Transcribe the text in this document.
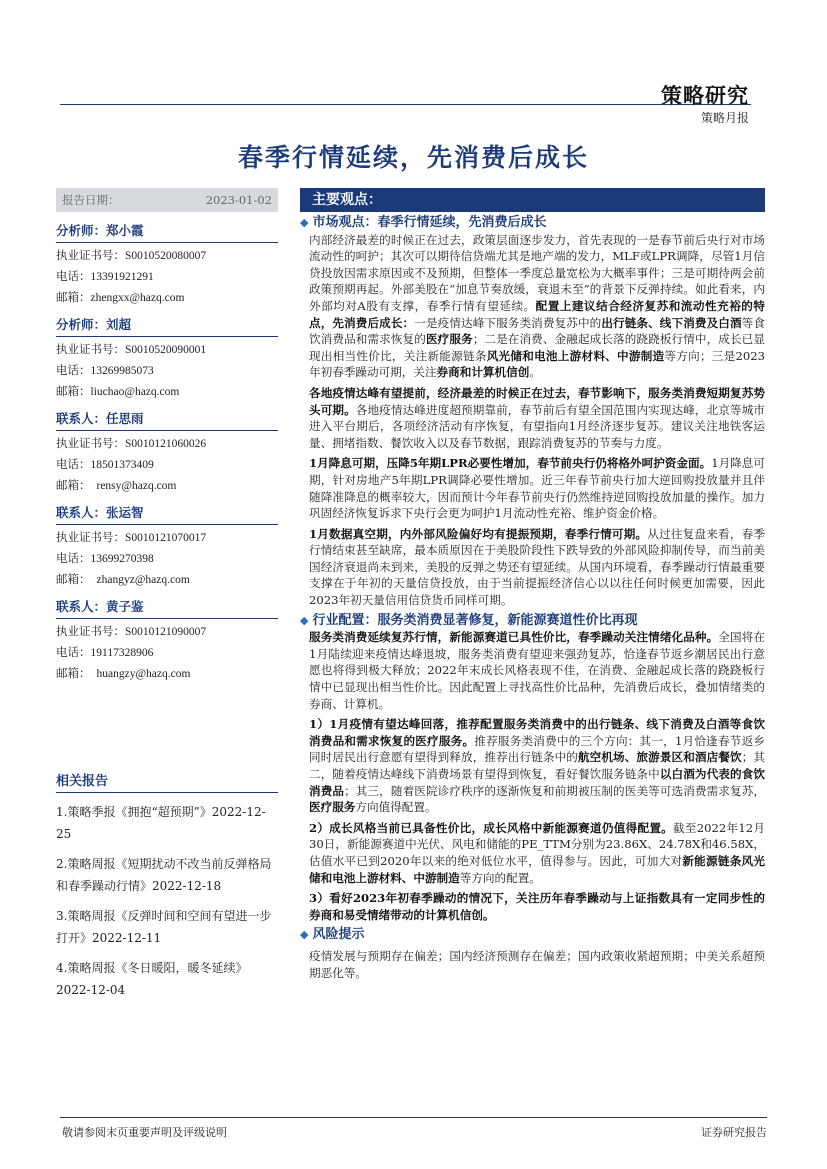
策略研究
策略月报
春季行情延续，先消费后成长
报告日期：	2023-01-02
分析师：郑小霞
执业证书号：S0010520080007
电话：13391921291
邮箱：zhengxx@hazq.com
分析师：刘超
执业证书号：S0010520090001
电话：13269985073
邮箱：liuchao@hazq.com
联系人：任思雨
执业证书号：S0010121060026
电话：18501373409
邮箱： rensy@hazq.com
联系人：张运智
执业证书号：S0010121070017
电话：13699270398
邮箱： zhangyz@hazq.com
联系人：黄子鉴
执业证书号：S0010121090007
电话：19117328906
邮箱： huangzy@hazq.com
相关报告
1.策略季报《拥抱“超预期”》2022-12-25
2.策略周报《短期扰动不改当前反弹格局和春季躁动行情》2022-12-18
3.策略周报《反弹时间和空间有望进一步打开》2022-12-11
4.策略周报《冬日暖阳，暖冬延续》2022-12-04
主要观点：
◆ 市场观点：春季行情延续，先消费后成长
内部经济最差的时候正在过去，政策层面逐步发力，首先表现的一是春节前后央行对市场流动性的呵护；其次可以期待信贷端尤其是地产端的发力，MLF或LPR调降，尽管1月信贷投放因需求原因或不及预期，但整体一季度总量宽松为大概率事件；三是可期待两会前政策预期再起。外部美股在“加息节奏放缓，衰退未至”的背景下反弹持续。如此看来，内外部均对A股有支撑，春季行情有望延续。配置上建议结合经济复苏和流动性充裕的特点，先消费后成长：一是疫情达峰下服务类消费复苏中的出行链条、线下消费及白酒等食饮消费品和需求恢复的医疗服务；二是在消费、金融起成长落的跷跷板行情中，成长已显现出相当性价比，关注新能源链条风光储和电池上游材料、中游制造等方向；三是2023年初春季躁动可期，关注券商和计算机信创。
各地疫情达峰有望提前，经济最差的时候正在过去，春节影响下，服务类消费短期复苏势头可期。各地疫情达峰进度超预期靠前，春节前后有望全国范围内实现达峰，北京等城市进入平台期后，各项经济活动有序恢复，有望指向1月经济逐步复苏。建议关注地铁客运量、拥堵指数、餐饮收入以及春节数据，跟踪消费复苏的节奏与力度。
1月降息可期，压降5年期LPR必要性增加，春节前央行仍将格外呵护资金面。1月降息可期，针对房地产5年期LPR调降必要性增加。近三年春节前央行加大逆回购投放量并且伴随降准降息的概率较大，因而预计今年春节前央行仍然维持逆回购投放加量的操作。加力巩固经济恢复诉求下央行会更为呵护1月流动性充裕、维护资金价格。
1月数据真空期，内外部风险偏好均有提振预期，春季行情可期。从过往复盘来看，春季行情结束甚至缺席，最本质原因在于美股阶段性下跌导致的外部风险抑制传导，而当前美国经济衰退尚未到来，美股的反弹之势还有望延续。从国内环境看，春季躁动行情最重要支撑在于年初的天量信贷投放，由于当前提振经济信心以以往任何时候更加需要，因此2023年初天量信用信贷货币同样可期。
◆ 行业配置：服务类消费显著修复，新能源赛道性价比再现
服务类消费延续复苏行情，新能源赛道已具性价比，春季躁动关注情绪化品种。全国将在1月陆续迎来疫情达峰退坡，服务类消费有望迎来强劲复苏，恰逢春节返乡潮居民出行意愿也将得到极大释放；2022年末成长风格表现不佳，在消费、金融起成长落的跷跷板行情中已显现出相当性价比。因此配置上寻找高性价比品种，先消费后成长，叠加情绪类的券商、计算机。
1）1月疫情有望达峰回落，推荐配置服务类消费中的出行链条、线下消费及白酒等食饮消费品和需求恢复的医疗服务。推荐服务类消费中的三个方向：其一，1月恰逢春节返乡同时居民出行意愿有望得到释放，推荐出行链条中的航空机场、旅游景区和酒店餐饮；其二，随着疫情达峰线下消费场景有望得到恢复，看好餐饮服务链条中以白酒为代表的食饮消费品；其三，随着医院诊疗秩序的逐渐恢复和前期被压制的医美等可选消费需求复苏，医疗服务方向值得配置。
2）成长风格当前已具备性价比，成长风格中新能源赛道仍值得配置。截至2022年12月30日，新能源赛道中光伏、风电和储能的PE_TTM分别为23.86X、24.78X和46.58X，估值水平已到2020年以来的绝对低位水平，值得参与。因此，可加大对新能源链条风光储和电池上游材料、中游制造等方向的配置。
3）看好2023年初春季躁动的情况下，关注历年春季躁动与上证指数具有一定同步性的券商和易受情绪带动的计算机信创。
◆ 风险提示
疫情发展与预期存在偏差；国内经济预测存在偏差；国内政策收紧超预期；中美关系超预期恶化等。
敬请参阅末页重要声明及评级说明	证券研究报告
